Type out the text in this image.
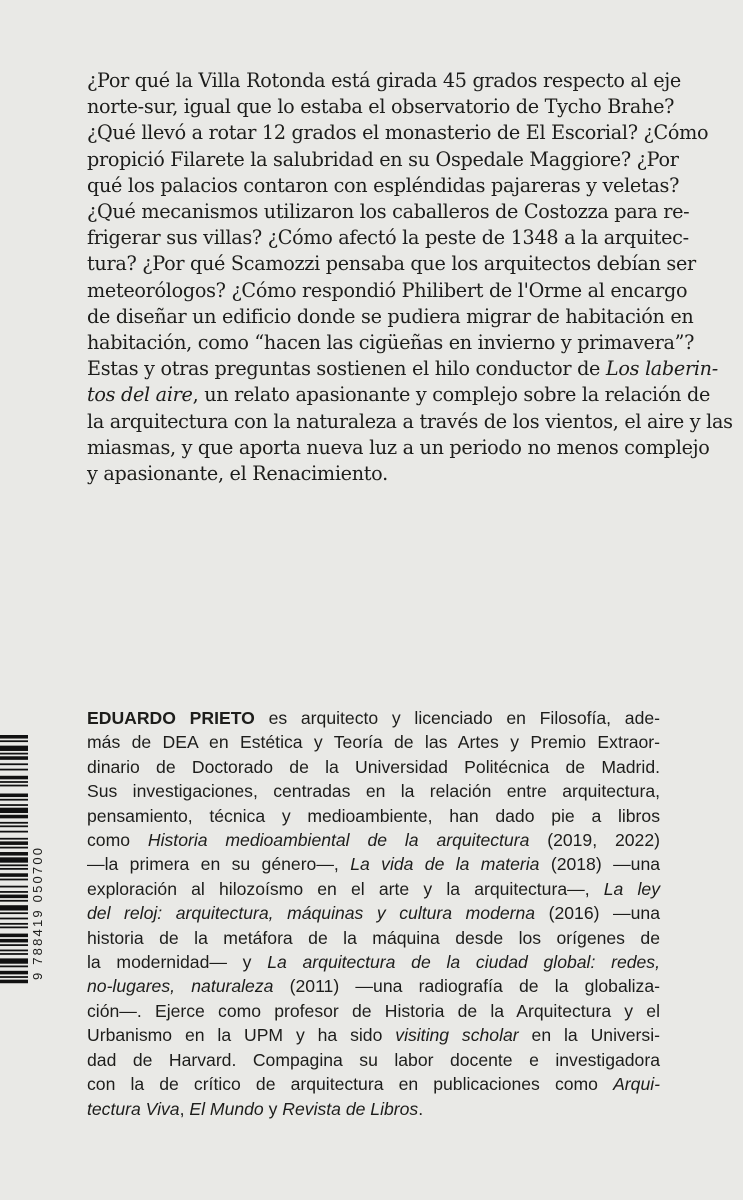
¿Por qué la Villa Rotonda está girada 45 grados respecto al eje
norte-sur, igual que lo estaba el observatorio de Tycho Brahe?
¿Qué llevó a rotar 12 grados el monasterio de El Escorial? ¿Cómo
propició Filarete la salubridad en su Ospedale Maggiore? ¿Por
qué los palacios contaron con espléndidas pajareras y veletas?
¿Qué mecanismos utilizaron los caballeros de Costozza para re-
frigerar sus villas? ¿Cómo afectó la peste de 1348 a la arquitec-
tura? ¿Por qué Scamozzi pensaba que los arquitectos debían ser
meteorólogos? ¿Cómo respondió Philibert de l'Orme al encargo
de diseñar un edificio donde se pudiera migrar de habitación en
habitación, como “hacen las cigüeñas en invierno y primavera”?
Estas y otras preguntas sostienen el hilo conductor de Los laberin-
tos del aire, un relato apasionante y complejo sobre la relación de
la arquitectura con la naturaleza a través de los vientos, el aire y las
miasmas, y que aporta nueva luz a un periodo no menos complejo
y apasionante, el Renacimiento.
EDUARDO PRIETO es arquitecto y licenciado en Filosofía, ade-
más de DEA en Estética y Teoría de las Artes y Premio Extraor-
dinario de Doctorado de la Universidad Politécnica de Madrid.
Sus investigaciones, centradas en la relación entre arquitectura,
pensamiento, técnica y medioambiente, han dado pie a libros
como Historia medioambiental de la arquitectura (2019, 2022)
—la primera en su género—, La vida de la materia (2018) —una
exploración al hilozoísmo en el arte y la arquitectura—, La ley
del reloj: arquitectura, máquinas y cultura moderna (2016) —una
historia de la metáfora de la máquina desde los orígenes de
la modernidad— y La arquitectura de la ciudad global: redes,
no-lugares, naturaleza (2011) —una radiografía de la globaliza-
ción—. Ejerce como profesor de Historia de la Arquitectura y el
Urbanismo en la UPM y ha sido visiting scholar en la Universi-
dad de Harvard. Compagina su labor docente e investigadora
con la de crítico de arquitectura en publicaciones como Arqui-
tectura Viva, El Mundo y Revista de Libros.
9 788419 050700
